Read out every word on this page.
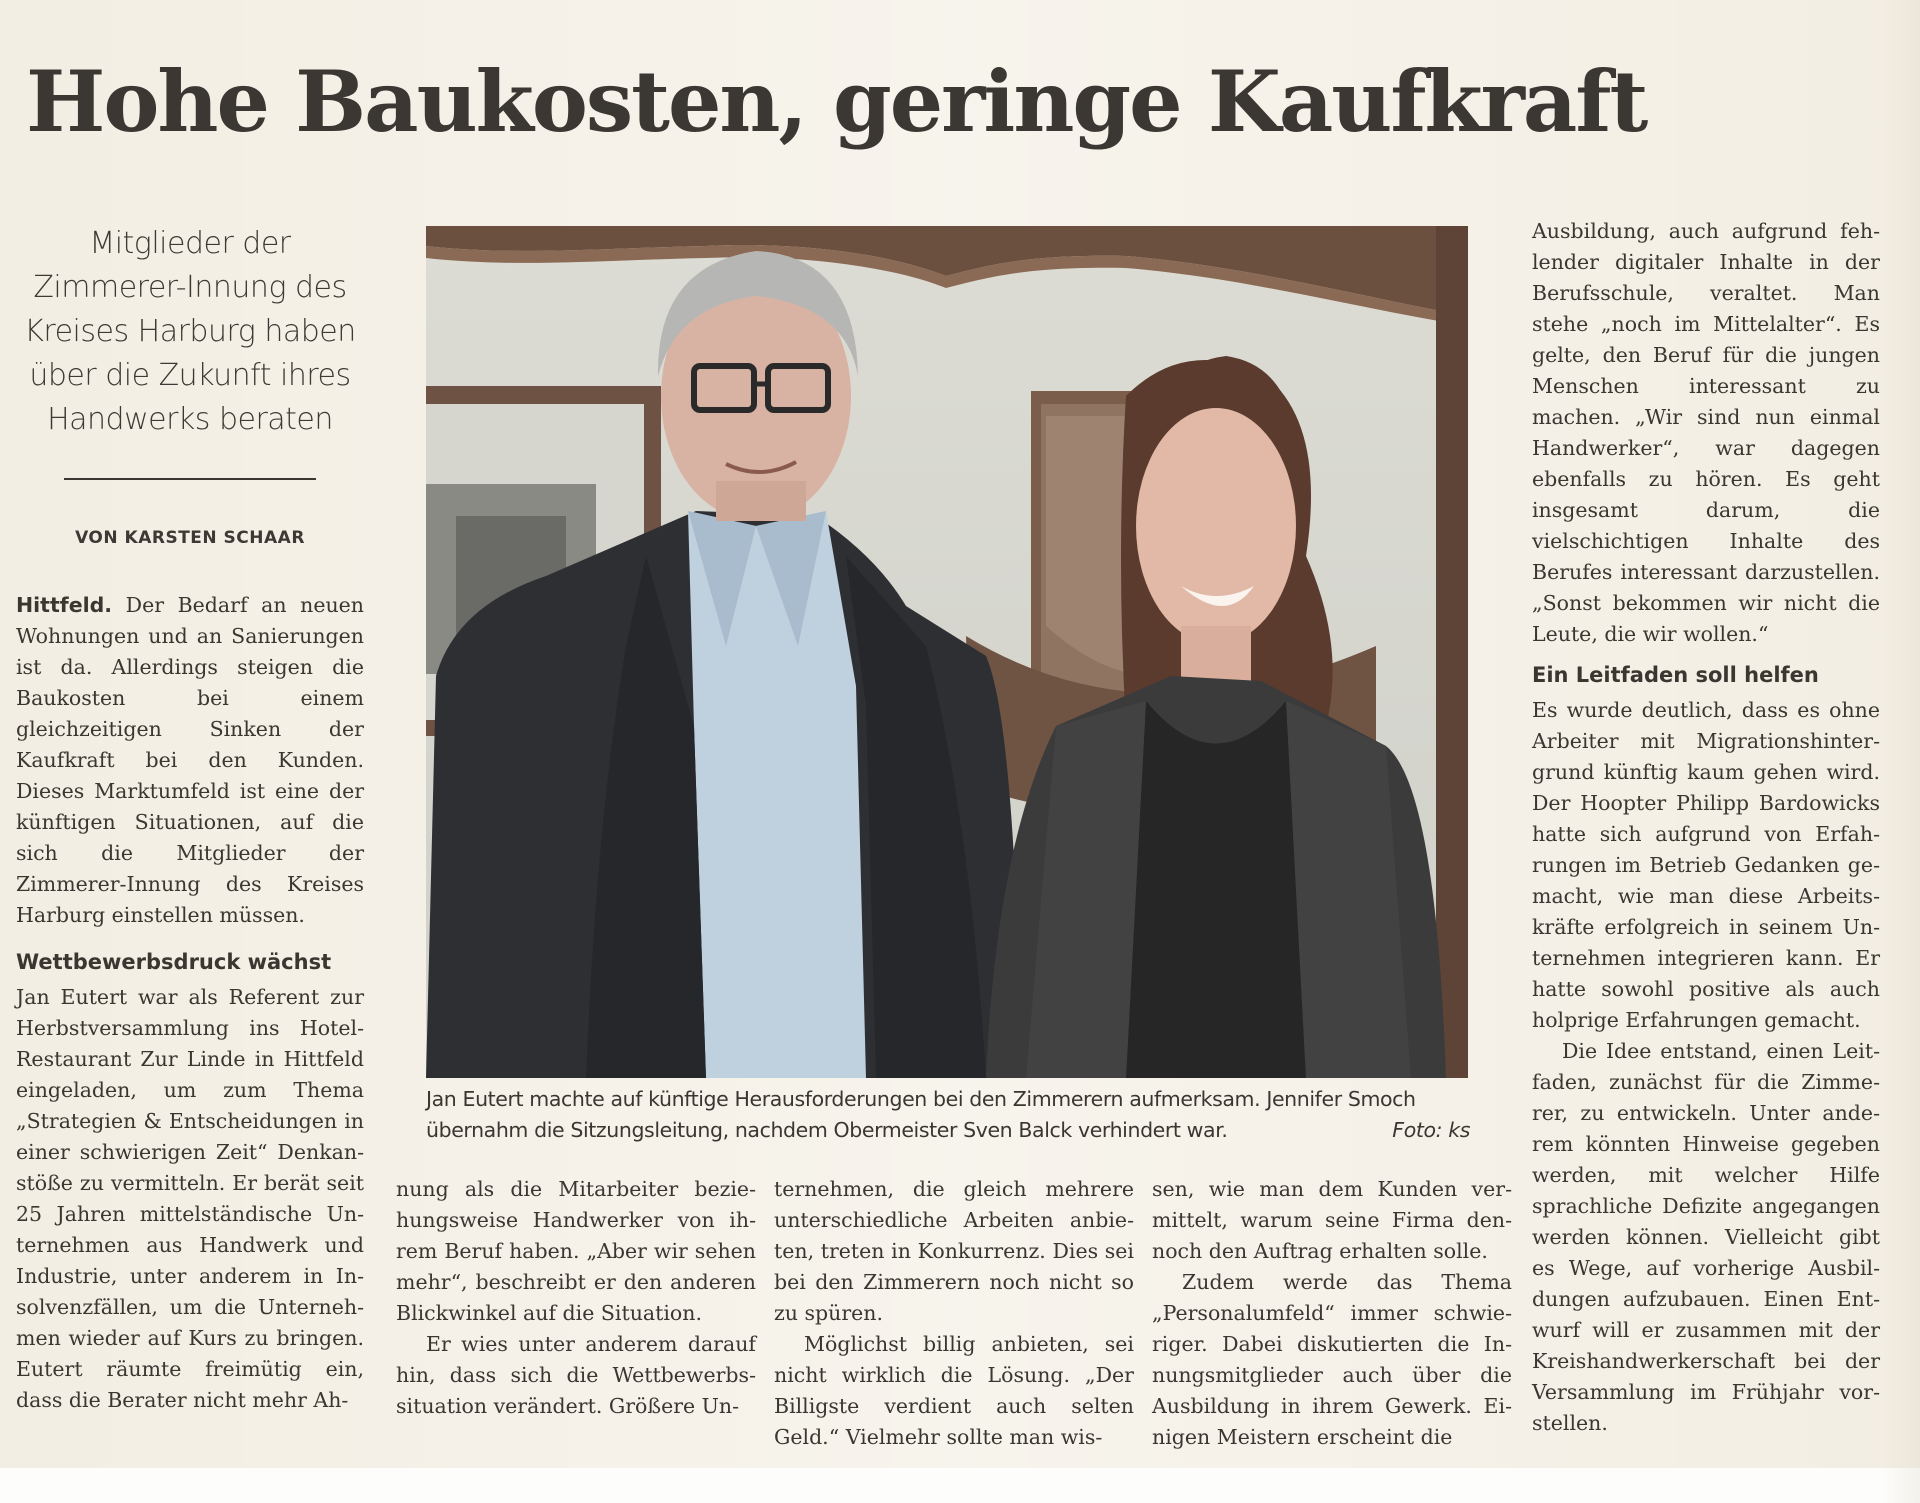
Hohe Baukosten, geringe Kaufkraft

Mitglieder der Zimmerer-Innung des Kreises Harburg haben über die Zukunft ihres Handwerks beraten

VON KARSTEN SCHAAR

Hittfeld. Der Bedarf an neuen Wohnungen und an Sanierungen ist da. Allerdings steigen die Baukosten bei einem gleichzeitigen Sinken der Kaufkraft bei den Kunden. Dieses Marktumfeld ist eine der künftigen Situationen, auf die sich die Mitglieder der Zimmerer-Innung des Kreises Harburg einstellen müssen.

Wettbewerbsdruck wächst

Jan Eutert war als Referent zur Herbstversammlung ins Hotel-Restaurant Zur Linde in Hittfeld eingeladen, um zum Thema „Strategien & Entscheidungen in einer schwierigen Zeit“ Denkanstöße zu vermitteln. Er berät seit 25 Jahren mittelständische Unternehmen aus Handwerk und Industrie, unter anderem in Insolvenzfällen, um die Unternehmen wieder auf Kurs zu bringen. Eutert räumte freimütig ein, dass die Berater nicht mehr Ah-

Jan Eutert machte auf künftige Herausforderungen bei den Zimmerern aufmerksam. Jennifer Smoch übernahm die Sitzungsleitung, nachdem Obermeister Sven Balck verhindert war.	Foto: ks

nung als die Mitarbeiter beziehungsweise Handwerker von ihrem Beruf haben. „Aber wir sehen mehr“, beschreibt er den anderen Blickwinkel auf die Situation.

Er wies unter anderem darauf hin, dass sich die Wettbewerbssituation verändert. Größere Un-

ternehmen, die gleich mehrere unterschiedliche Arbeiten anbieten, treten in Konkurrenz. Dies sei bei den Zimmerern noch nicht so zu spüren.

Möglichst billig anbieten, sei nicht wirklich die Lösung. „Der Billigste verdient auch selten Geld.“ Vielmehr sollte man wis-

sen, wie man dem Kunden vermittelt, warum seine Firma dennoch den Auftrag erhalten solle.

Zudem werde das Thema „Personalumfeld“ immer schwieriger. Dabei diskutierten die Innungsmitglieder auch über die Ausbildung in ihrem Gewerk. Einigen Meistern erscheint die

Ausbildung, auch aufgrund fehlender digitaler Inhalte in der Berufsschule, veraltet. Man stehe „noch im Mittelalter“. Es gelte, den Beruf für die jungen Menschen interessant zu machen. „Wir sind nun einmal Handwerker“, war dagegen ebenfalls zu hören. Es geht insgesamt darum, die vielschichtigen Inhalte des Berufes interessant darzustellen. „Sonst bekommen wir nicht die Leute, die wir wollen.“

Ein Leitfaden soll helfen

Es wurde deutlich, dass es ohne Arbeiter mit Migrationshintergrund künftig kaum gehen wird. Der Hoopter Philipp Bardowicks hatte sich aufgrund von Erfahrungen im Betrieb Gedanken gemacht, wie man diese Arbeitskräfte erfolgreich in seinem Unternehmen integrieren kann. Er hatte sowohl positive als auch holprige Erfahrungen gemacht.

Die Idee entstand, einen Leitfaden, zunächst für die Zimmerer, zu entwickeln. Unter anderem könnten Hinweise gegeben werden, mit welcher Hilfe sprachliche Defizite angegangen werden können. Vielleicht gibt es Wege, auf vorherige Ausbildungen aufzubauen. Einen Entwurf will er zusammen mit der Kreishandwerkerschaft bei der Versammlung im Frühjahr vorstellen.
